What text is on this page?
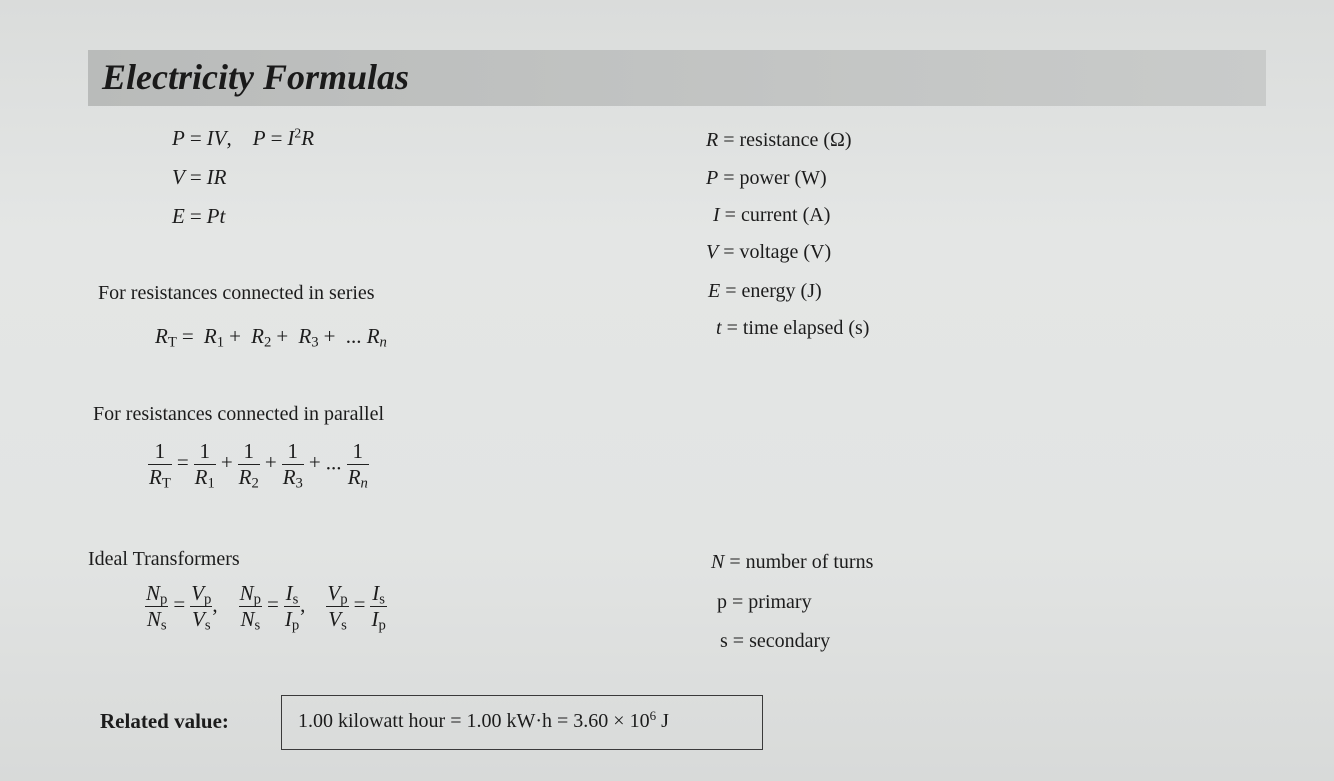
Electricity Formulas
P = IV,    $P = I^2R$
V = IR
E = Pt
R = resistance (Ω)
P = power (W)
I = current (A)
V = voltage (V)
E = energy (J)
t = time elapsed (s)
For resistances connected in series
$R_T = R_1 + R_2 + R_3$ + ... $R_n$
For resistances connected in parallel
$\frac{1}{R_T} = \frac{1}{R_1} + \frac{1}{R_2} + \frac{1}{R_3}$ + ... $\frac{1}{R_n}$
Ideal Transformers
$\frac{N_p}{N_s} = \frac{V_p}{V_s}$ , $\frac{N_p}{N_s} = \frac{I_s}{I_p}$ , $\frac{V_p}{V_s} = \frac{I_s}{I_p}$
N = number of turns
p = primary
s = secondary
Related value:	1.00 kilowatt hour = 1.00 $kW\cdot h = 3.60 \times 10^6$ J
